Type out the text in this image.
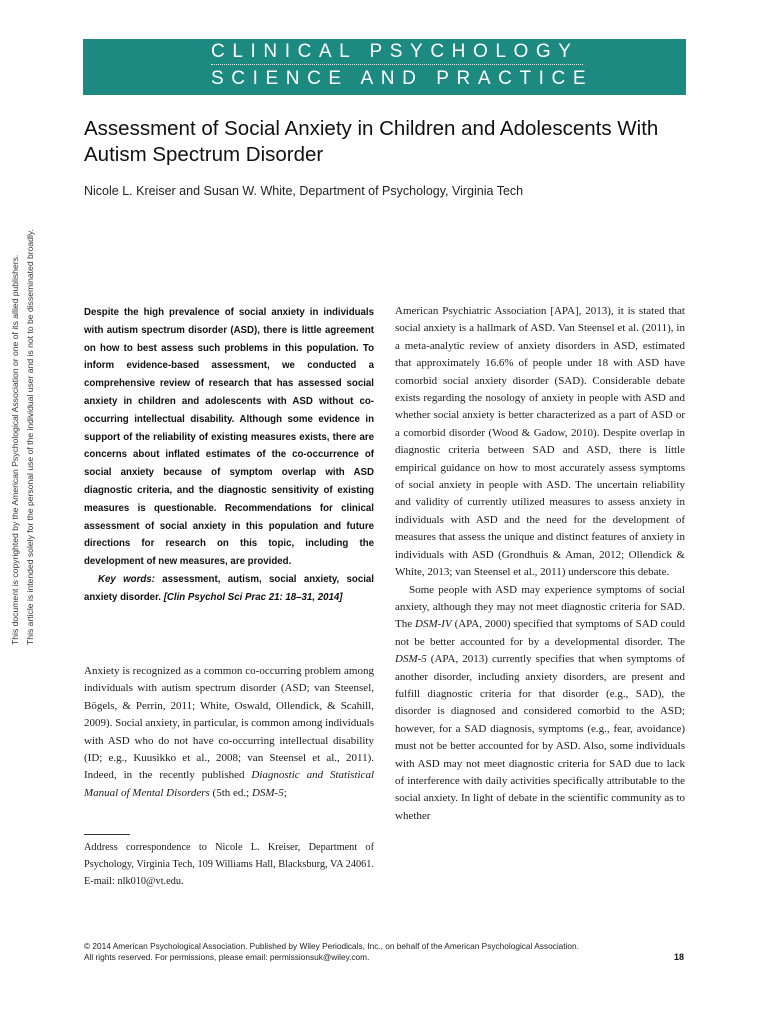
CLINICAL PSYCHOLOGY
SCIENCE AND PRACTICE
Assessment of Social Anxiety in Children and Adolescents With Autism Spectrum Disorder
Nicole L. Kreiser and Susan W. White, Department of Psychology, Virginia Tech
This document is copyrighted by the American Psychological Association or one of its allied publishers. This article is intended solely for the personal use of the individual user and is not to be disseminated broadly.	Despite the high prevalence of social anxiety in individuals with autism spectrum disorder (ASD), there is little agreement on how to best assess such problems in this population. To inform evidence-based assessment, we conducted a comprehensive review of research that has assessed social anxiety in children and adolescents with ASD without co-occurring intellectual disability. Although some evidence in support of the reliability of existing measures exists, there are concerns about inflated estimates of the co-occurrence of social anxiety because of symptom overlap with ASD diagnostic criteria, and the diagnostic sensitivity of existing measures is questionable. Recommendations for clinical assessment of social anxiety in this population and future directions for research on this topic, including the development of new measures, are provided.

Key words: assessment, autism, social anxiety, social anxiety disorder. [Clin Psychol Sci Prac 21: 18–31, 2014]

Anxiety is recognized as a common co-occurring problem among individuals with autism spectrum disorder (ASD; van Steensel, Bögels, & Perrin, 2011; White, Oswald, Ollendick, & Scahill, 2009). Social anxiety, in particular, is common among individuals with ASD who do not have co-occurring intellectual disability (ID; e.g., Kuusikko et al., 2008; van Steensel et al., 2011). Indeed, in the recently published Diagnostic and Statistical Manual of Mental Disorders (5th ed.; DSM-5;

Address correspondence to Nicole L. Kreiser, Department of Psychology, Virginia Tech, 109 Williams Hall, Blacksburg, VA 24061. E-mail: nlk010@vt.edu.

American Psychiatric Association [APA], 2013), it is stated that social anxiety is a hallmark of ASD. Van Steensel et al. (2011), in a meta-analytic review of anxiety disorders in ASD, estimated that approximately 16.6% of people under 18 with ASD have comorbid social anxiety disorder (SAD). Considerable debate exists regarding the nosology of anxiety in people with ASD and whether social anxiety is better characterized as a part of ASD or a comorbid disorder (Wood & Gadow, 2010). Despite overlap in diagnostic criteria between SAD and ASD, there is little empirical guidance on how to most accurately assess symptoms of social anxiety in people with ASD. The uncertain reliability and validity of currently utilized measures to assess anxiety in individuals with ASD and the need for the development of measures that assess the unique and distinct features of anxiety in individuals with ASD (Grondhuis & Aman, 2012; Ollendick & White, 2013; van Steensel et al., 2011) underscore this debate.

Some people with ASD may experience symptoms of social anxiety, although they may not meet diagnostic criteria for SAD. The DSM-IV (APA, 2000) specified that symptoms of SAD could not be better accounted for by a developmental disorder. The DSM-5 (APA, 2013) currently specifies that when symptoms of another disorder, including anxiety disorders, are present and fulfill diagnostic criteria for that disorder (e.g., SAD), the disorder is diagnosed and considered comorbid to the ASD; however, for a SAD diagnosis, symptoms (e.g., fear, avoidance) must not be better accounted for by ASD. Also, some individuals with ASD may not meet diagnostic criteria for SAD due to lack of interference with daily activities specifically attributable to the social anxiety. In light of debate in the scientific community as to whether

© 2014 American Psychological Association. Published by Wiley Periodicals, Inc., on behalf of the American Psychological Association.
All rights reserved. For permissions, please email: permissionsuk@wiley.com.	18
